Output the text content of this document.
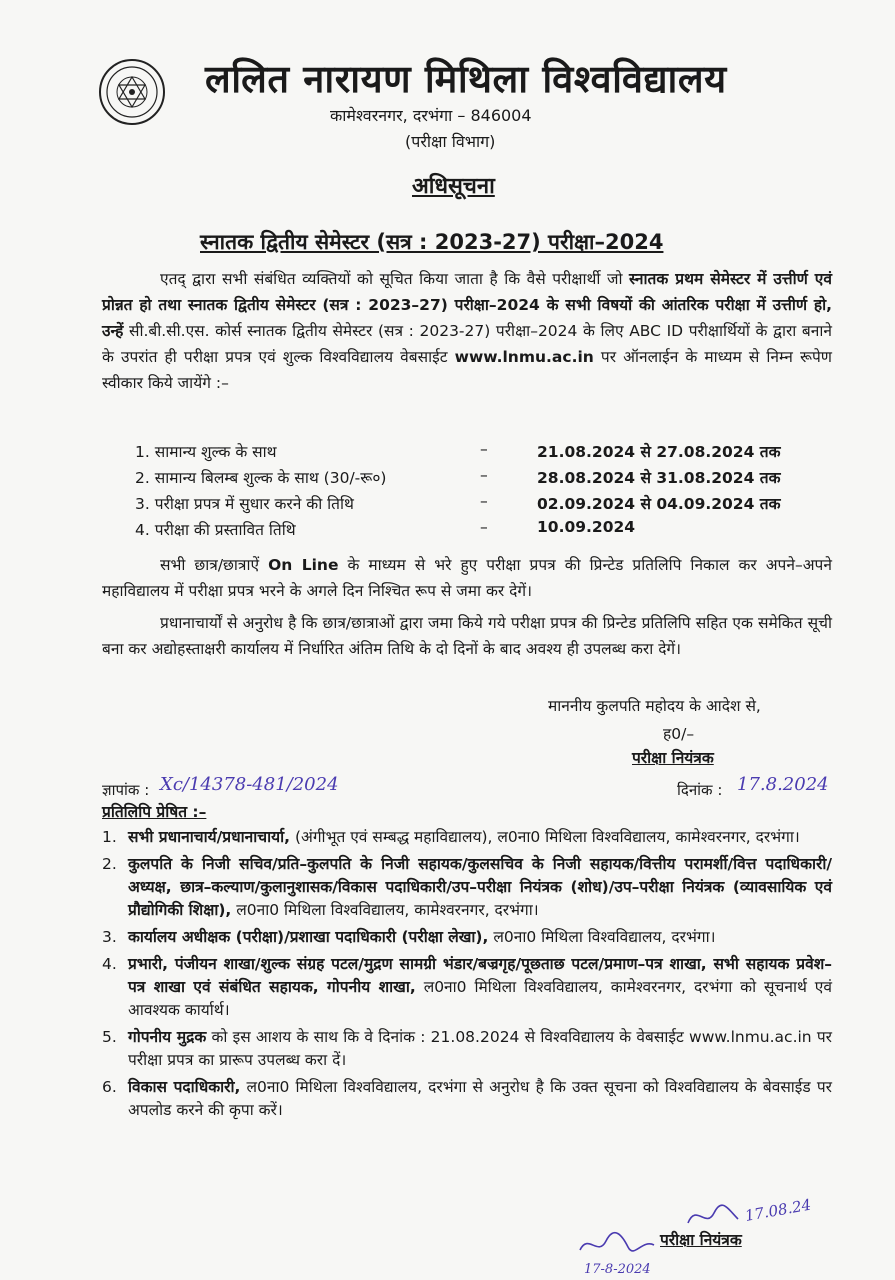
ललित नारायण मिथिला विश्वविद्यालय
कामेश्वरनगर, दरभंगा – 846004
(परीक्षा विभाग)
अधिसूचना
स्नातक द्वितीय सेमेस्टर (सत्र : 2023-27) परीक्षा–2024
एतद् द्वारा सभी संबंधित व्यक्तियों को सूचित किया जाता है कि वैसे परीक्षार्थी जो स्नातक प्रथम सेमेस्टर में उत्तीर्ण एवं प्रोन्नत हो तथा स्नातक द्वितीय सेमेस्टर (सत्र : 2023–27) परीक्षा–2024 के सभी विषयों की आंतरिक परीक्षा में उत्तीर्ण हो, उन्हें सी.बी.सी.एस. कोर्स स्नातक द्वितीय सेमेस्टर (सत्र : 2023-27) परीक्षा–2024 के लिए ABC ID परीक्षार्थियों के द्वारा बनाने के उपरांत ही परीक्षा प्रपत्र एवं शुल्क विश्वविद्यालय वेबसाईट www.lnmu.ac.in पर ऑनलाईन के माध्यम से निम्न रूपेण स्वीकार किये जायेंगे :–
1. सामान्य शुल्क के साथ	–	21.08.2024 से 27.08.2024 तक
2. सामान्य बिलम्ब शुल्क के साथ (30/-रू०)	–	28.08.2024 से 31.08.2024 तक
3. परीक्षा प्रपत्र में सुधार करने की तिथि	–	02.09.2024 से 04.09.2024 तक
4. परीक्षा की प्रस्तावित तिथि	–	10.09.2024
सभी छात्र/छात्राऐं On Line के माध्यम से भरे हुए परीक्षा प्रपत्र की प्रिन्टेड प्रतिलिपि निकाल कर अपने–अपने महाविद्यालय में परीक्षा प्रपत्र भरने के अगले दिन निश्चित रूप से जमा कर देगें।
प्रधानाचार्यों से अनुरोध है कि छात्र/छात्राओं द्वारा जमा किये गये परीक्षा प्रपत्र की प्रिन्टेड प्रतिलिपि सहित एक समेकित सूची बना कर अद्योहस्ताक्षरी कार्यालय में निर्धारित अंतिम तिथि के दो दिनों के बाद अवश्य ही उपलब्ध करा देगें।
माननीय कुलपति महोदय के आदेश से,
ह0/–
परीक्षा नियंत्रक
ज्ञापांक : Xc/14378-481/2024	दिनांक : 17.8.2024
प्रतिलिपि प्रेषित :–
1. सभी प्रधानाचार्य/प्रधानाचार्या, (अंगीभूत एवं सम्बद्ध महाविद्यालय), ल0ना0 मिथिला विश्वविद्यालय, कामेश्वरनगर, दरभंगा।
2. कुलपति के निजी सचिव/प्रति–कुलपति के निजी सहायक/कुलसचिव के निजी सहायक/वित्तीय परामर्शी/वित्त पदाधिकारी/अध्यक्ष, छात्र–कल्याण/कुलानुशासक/विकास पदाधिकारी/उप–परीक्षा नियंत्रक (शोध)/उप–परीक्षा नियंत्रक (व्यावसायिक एवं प्रौद्योगिकी शिक्षा), ल0ना0 मिथिला विश्वविद्यालय, कामेश्वरनगर, दरभंगा।
3. कार्यालय अधीक्षक (परीक्षा)/प्रशाखा पदाधिकारी (परीक्षा लेखा), ल0ना0 मिथिला विश्वविद्यालय, दरभंगा।
4. प्रभारी, पंजीयन शाखा/शुल्क संग्रह पटल/मुद्रण सामग्री भंडार/बज्रगृह/पूछताछ पटल/प्रमाण–पत्र शाखा, सभी सहायक प्रवेश–पत्र शाखा एवं संबंधित सहायक, गोपनीय शाखा, ल0ना0 मिथिला विश्वविद्यालय, कामेश्वरनगर, दरभंगा को सूचनार्थ एवं आवश्यक कार्यार्थ।
5. गोपनीय मुद्रक को इस आशय के साथ कि वे दिनांक : 21.08.2024 से विश्वविद्यालय के वेबसाईट www.lnmu.ac.in पर परीक्षा प्रपत्र का प्रारूप उपलब्ध करा दें।
6. विकास पदाधिकारी, ल0ना0 मिथिला विश्वविद्यालय, दरभंगा से अनुरोध है कि उक्त सूचना को विश्वविद्यालय के बेवसाईड पर अपलोड करने की कृपा करें।
17.08.24
17-8-2024
परीक्षा नियंत्रक
